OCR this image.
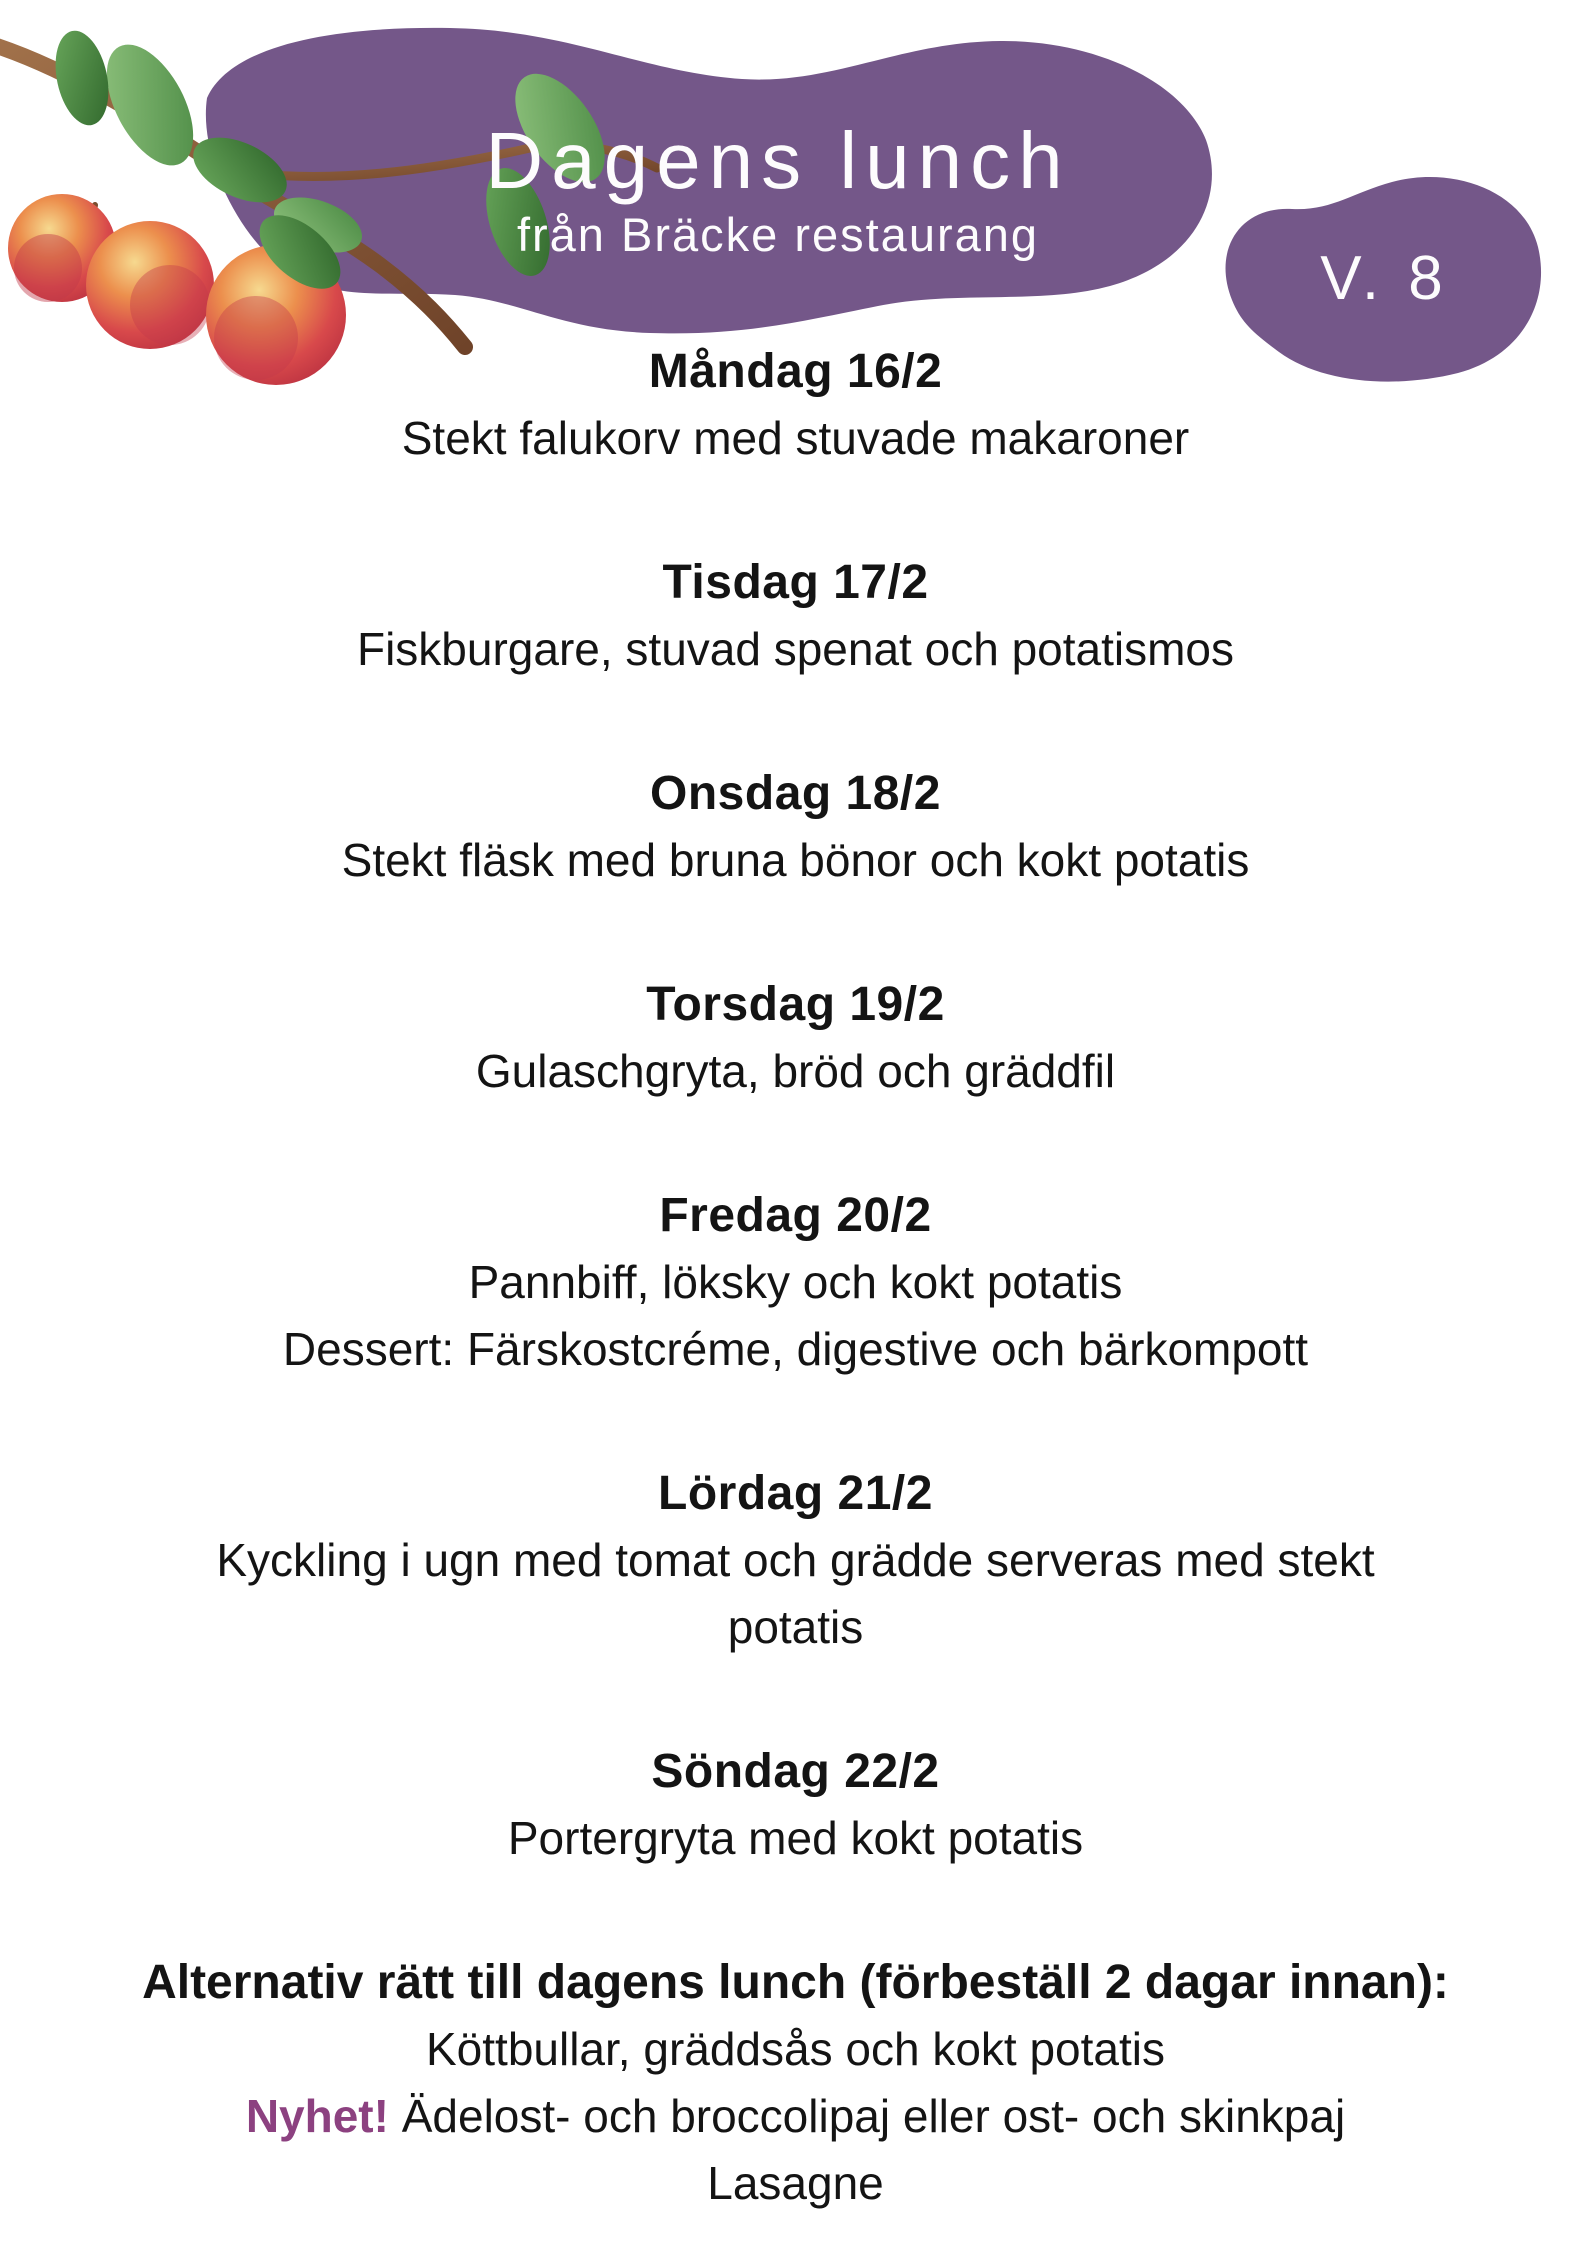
Dagens lunch
från Bräcke restaurang
V. 8
Måndag 16/2

Stekt falukorv med stuvade makaroner

Tisdag 17/2

Fiskburgare, stuvad spenat och potatismos

Onsdag 18/2

Stekt fläsk med bruna bönor och kokt potatis

Torsdag 19/2

Gulaschgryta, bröd och gräddfil

Fredag 20/2

Pannbiff, löksky och kokt potatis

Dessert: Färskostcréme, digestive och bärkompott

Lördag 21/2

Kyckling i ugn med tomat och grädde serveras med stekt potatis

Söndag 22/2

Portergryta med kokt potatis

Alternativ rätt till dagens lunch (förbeställ 2 dagar innan):

Köttbullar, gräddsås och kokt potatis

Nyhet! Ädelost- och broccolipaj eller ost- och skinkpaj

Lasagne
